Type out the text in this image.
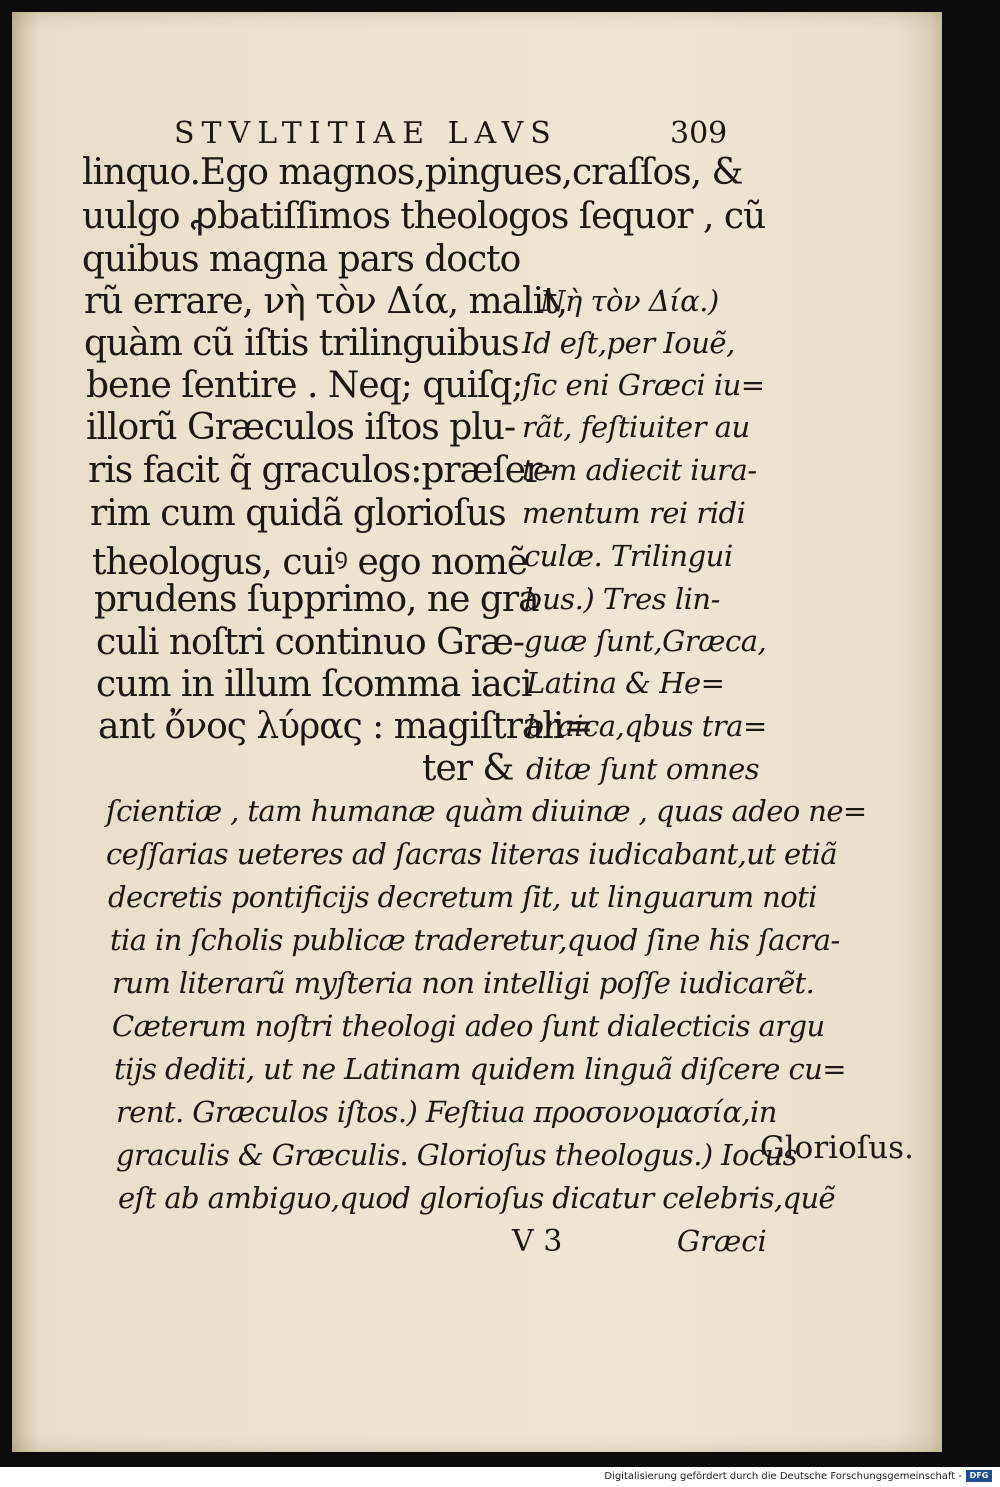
STVLTITIAE LAVS	309
linquo.Ego magnos,pingues,craſſos, &
uulgo ꝓbatiſſimos theologos ſequor , cũ
quibus magna pars docto
rũ errare, νὴ τὸν Δία, malit,
quàm cũ iſtis trilinguibus
bene ſentire . Neq; quiſq;
illorũ Græculos iſtos plu-
ris facit q̃ graculos:præſer-
rim cum quidã glorioſus
theologus, cuiꝰ ego nomẽ
prudens ſupprimo, ne gra
culi noſtri continuo Græ-
cum in illum ſcomma iaci
ant ὄνος λύρας : magiſtrali=
ter &
Νὴ τὸν Δία.)
Id eſt,per Iouẽ,
ſic eni Græci iu=
rãt, feſtiuiter au
tem adiecit iura-
mentum rei ridi
culæ. Trilingui
bus.) Tres lin-
guæ ſunt,Græca,
Latina & He=
braica,qbus tra=
ditæ ſunt omnes
ſcientiæ , tam humanæ quàm diuinæ , quas adeo ne=
ceſſarias ueteres ad ſacras literas iudicabant,ut etiã
decretis pontificijs decretum ſit, ut linguarum noti
tia in ſcholis publicæ traderetur,quod ſine his ſacra-
rum literarũ myſteria non intelligi poſſe iudicarẽt.
Cæterum noſtri theologi adeo ſunt dialecticis argu
tijs dediti, ut ne Latinam quidem linguã diſcere cu=
rent. Græculos iſtos.) Feſtiua προσονομασία,in
graculis & Græculis. Glorioſus theologus.) Iocus
eſt ab ambiguo,quod glorioſus dicatur celebris,quẽ
Glorioſus.
V 3	Græci
Digitalisierung gefördert durch die Deutsche Forschungsgemeinschaft - DFG
